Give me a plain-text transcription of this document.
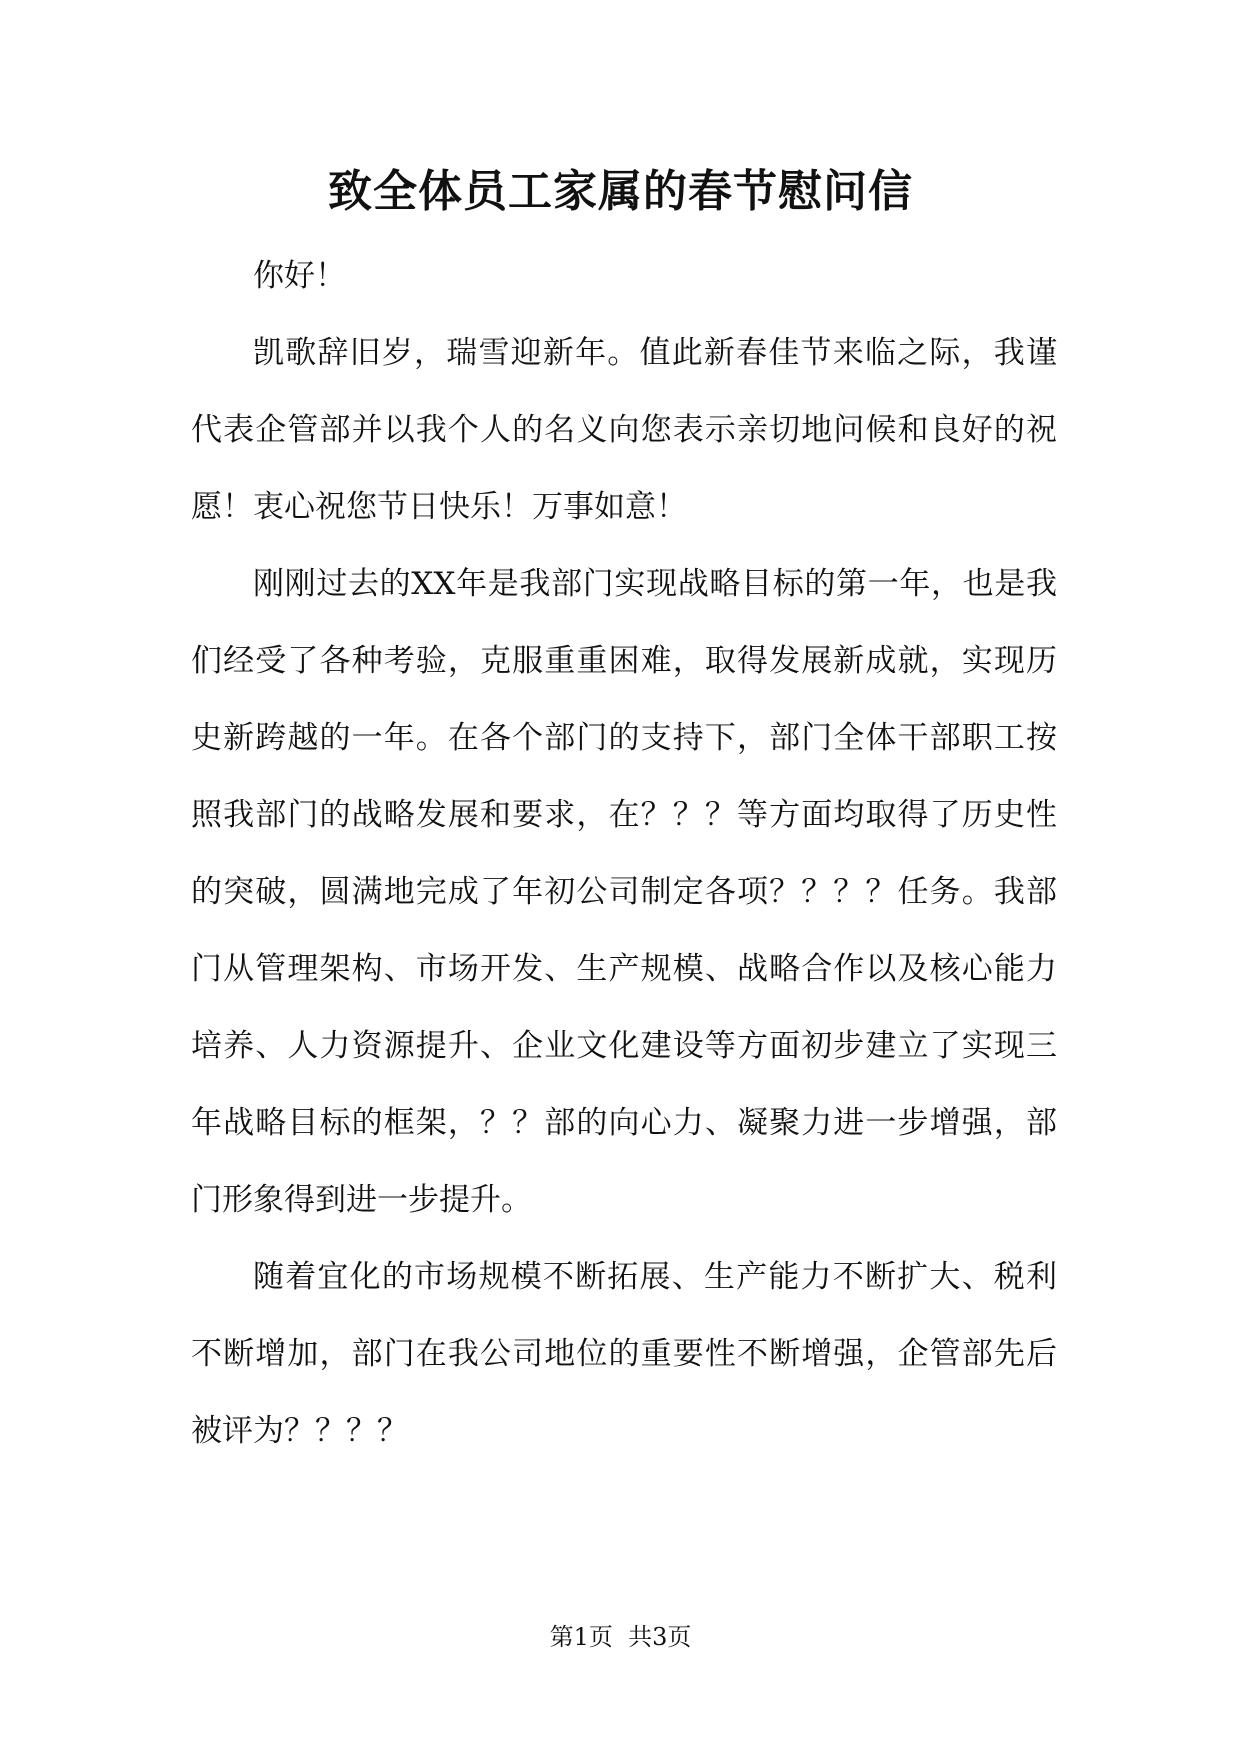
致全体员工家属的春节慰问信

你好！

凯歌辞旧岁，瑞雪迎新年。值此新春佳节来临之际，我谨代表企管部并以我个人的名义向您表示亲切地问候和良好的祝愿！衷心祝您节日快乐！万事如意！

刚刚过去的XX年是我部门实现战略目标的第一年，也是我们经受了各种考验，克服重重困难，取得发展新成就，实现历史新跨越的一年。在各个部门的支持下，部门全体干部职工按照我部门的战略发展和要求，在？？？等方面均取得了历史性的突破，圆满地完成了年初公司制定各项？？？？任务。我部门从管理架构、市场开发、生产规模、战略合作以及核心能力培养、人力资源提升、企业文化建设等方面初步建立了实现三年战略目标的框架，？？部的向心力、凝聚力进一步增强，部门形象得到进一步提升。

随着宜化的市场规模不断拓展、生产能力不断扩大、税利不断增加，部门在我公司地位的重要性不断增强，企管部先后被评为？？？？

第1页  共3页
